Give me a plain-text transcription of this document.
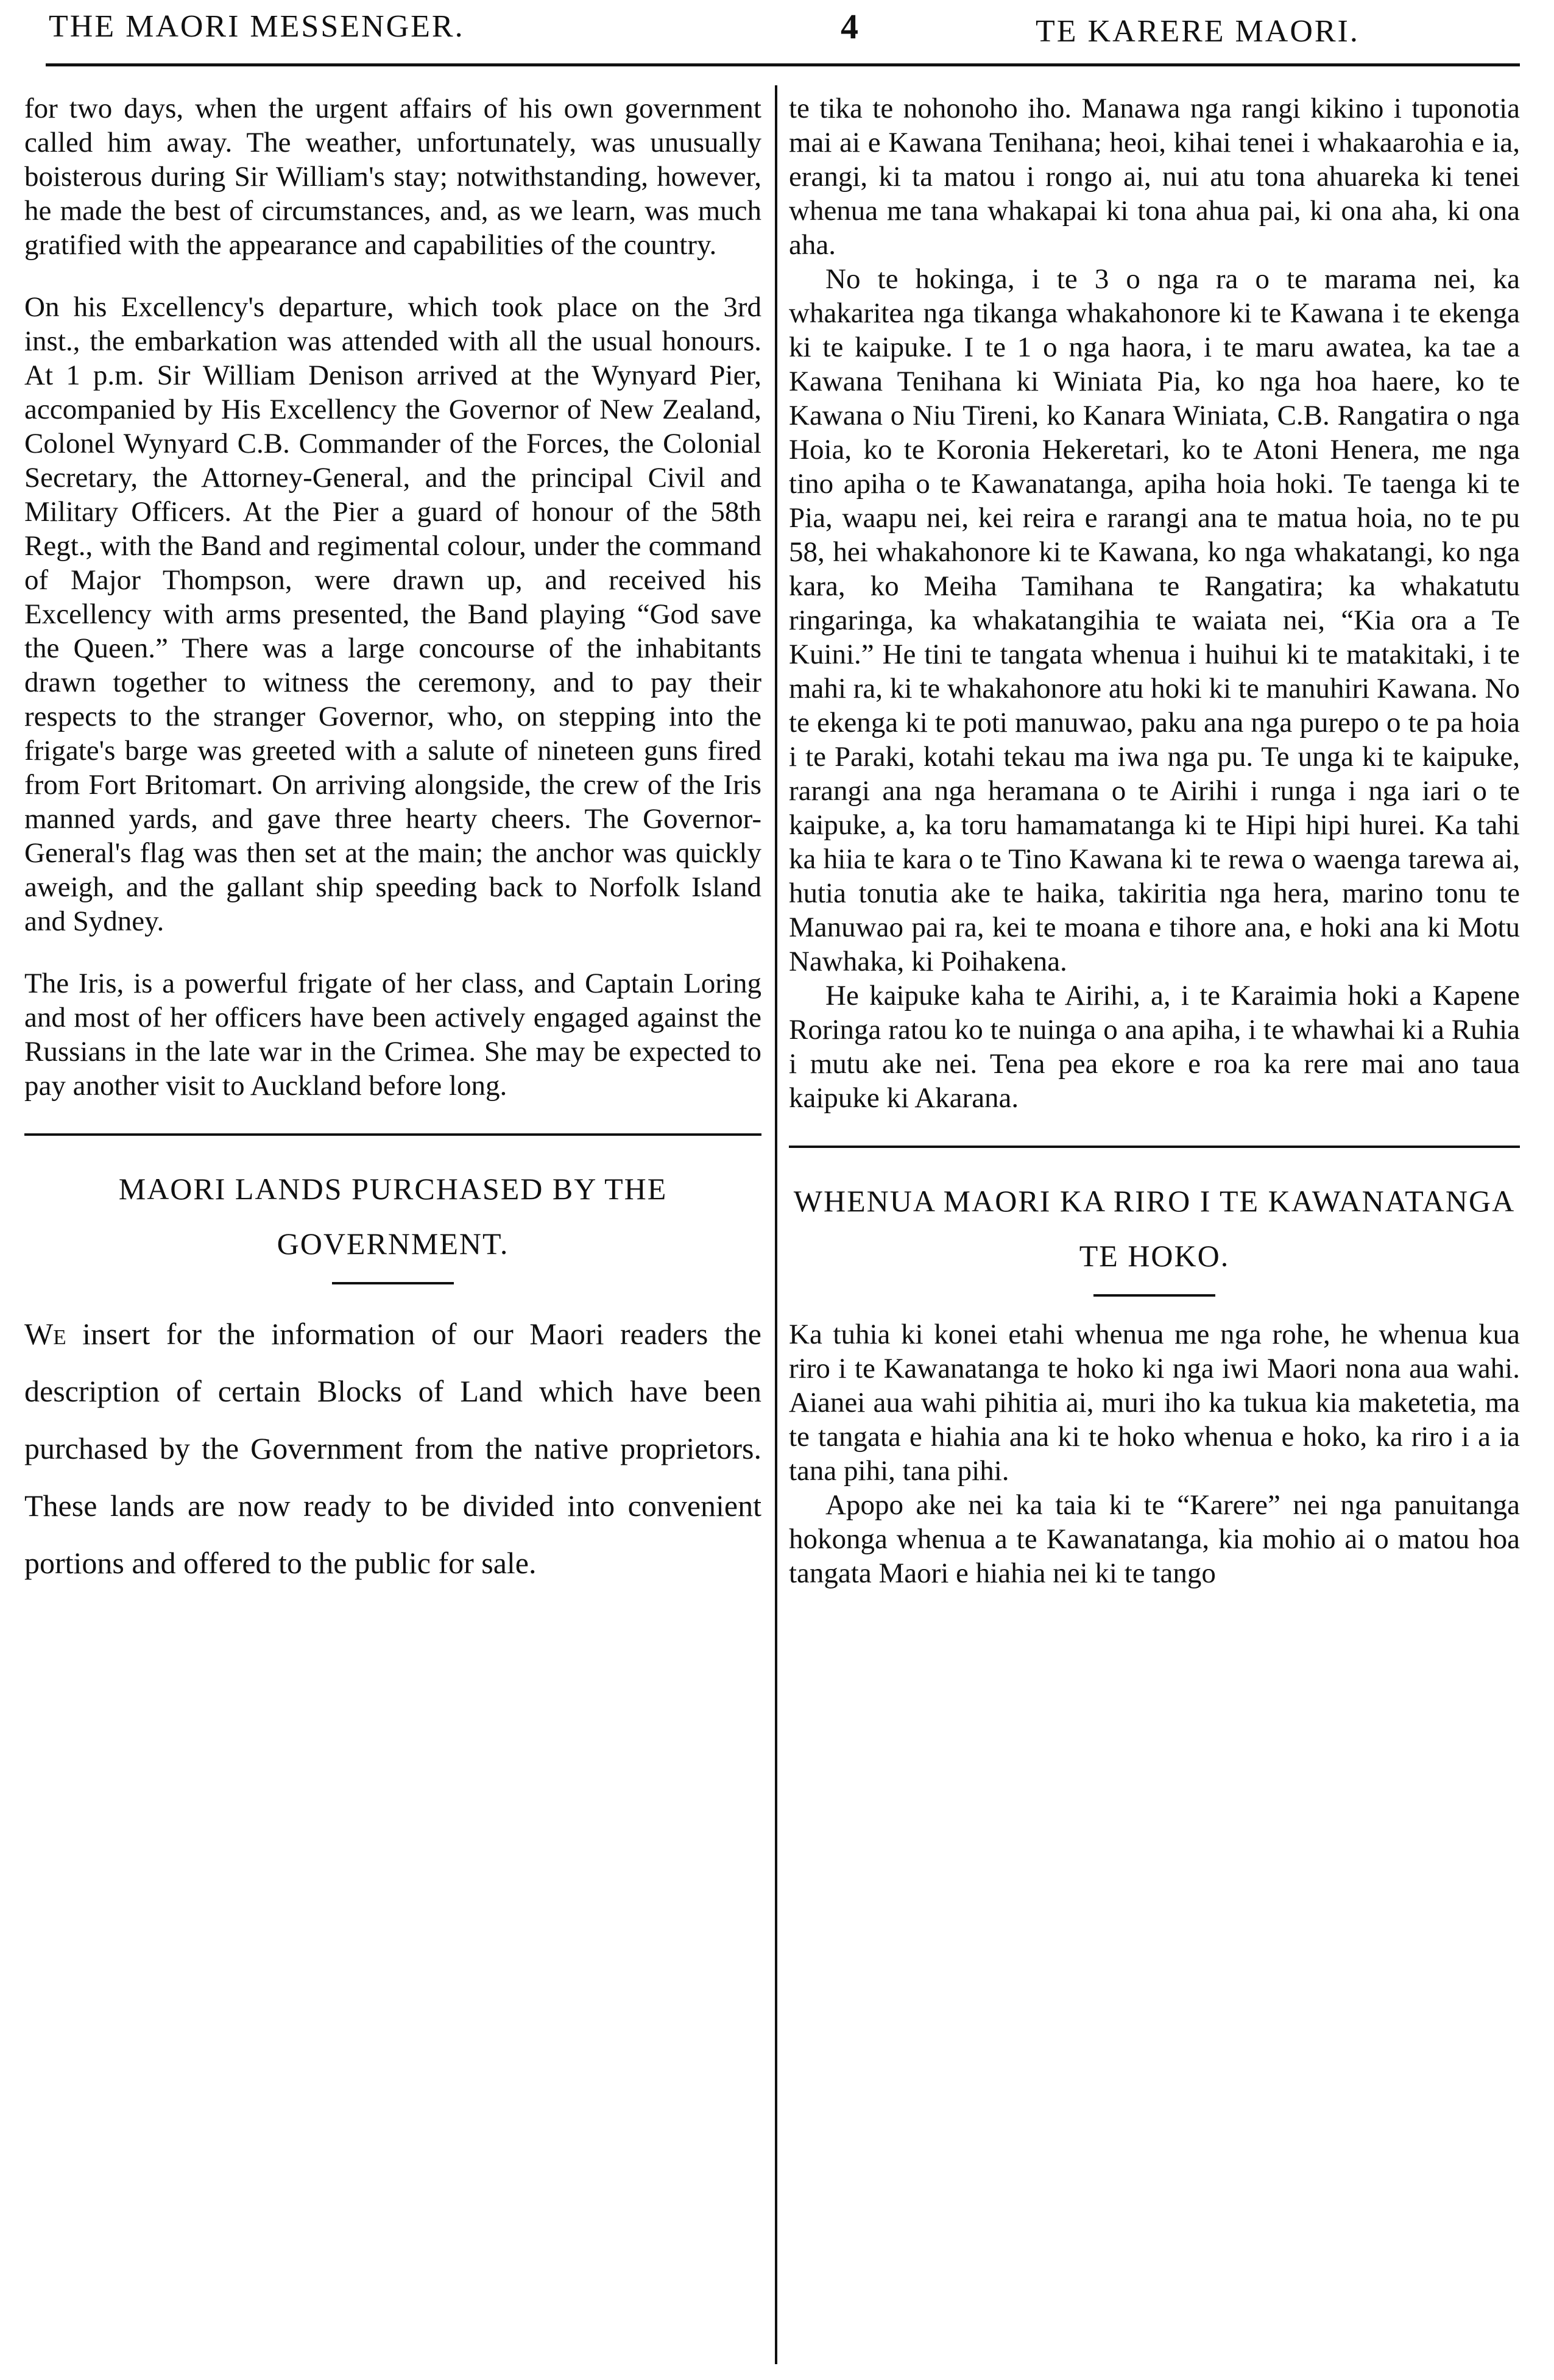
THE MAORI MESSENGER.	4	TE KARERE MAORI.

for two days, when the urgent affairs of his own government called him away. The weather, unfortunately, was unusually boisterous during Sir William's stay; notwithstanding, however, he made the best of circumstances, and, as we learn, was much gratified with the appearance and capabilities of the country.

On his Excellency's departure, which took place on the 3rd inst., the embarkation was attended with all the usual honours. At 1 p.m. Sir William Denison arrived at the Wynyard Pier, accompanied by His Excellency the Governor of New Zealand, Colonel Wynyard C.B. Commander of the Forces, the Colonial Secretary, the Attorney-General, and the principal Civil and Military Officers. At the Pier a guard of honour of the 58th Regt., with the Band and regimental colour, under the command of Major Thompson, were drawn up, and received his Excellency with arms presented, the Band playing “God save the Queen.” There was a large concourse of the inhabitants drawn together to witness the ceremony, and to pay their respects to the stranger Governor, who, on stepping into the frigate's barge was greeted with a salute of nineteen guns fired from Fort Britomart. On arriving alongside, the crew of the Iris manned yards, and gave three hearty cheers. The Governor-General's flag was then set at the main; the anchor was quickly aweigh, and the gallant ship speeding back to Norfolk Island and Sydney.

The Iris, is a powerful frigate of her class, and Captain Loring and most of her officers have been actively engaged against the Russians in the late war in the Crimea. She may be expected to pay another visit to Auckland before long.

MAORI LANDS PURCHASED BY THE GOVERNMENT.

We insert for the information of our Maori readers the description of certain Blocks of Land which have been purchased by the Government from the native proprietors. These lands are now ready to be divided into convenient portions and offered to the public for sale.

te tika te nohonoho iho. Manawa nga rangi kikino i tuponotia mai ai e Kawana Tenihana; heoi, kihai tenei i whakaarohia e ia, erangi, ki ta matou i rongo ai, nui atu tona ahuareka ki tenei whenua me tana whakapai ki tona ahua pai, ki ona aha, ki ona aha.

No te hokinga, i te 3 o nga ra o te marama nei, ka whakaritea nga tikanga whakahonore ki te Kawana i te ekenga ki te kaipuke. I te 1 o nga haora, i te maru awatea, ka tae a Kawana Tenihana ki Winiata Pia, ko nga hoa haere, ko te Kawana o Niu Tireni, ko Kanara Winiata, C.B. Rangatira o nga Hoia, ko te Koronia Hekeretari, ko te Atoni Henera, me nga tino apiha o te Kawanatanga, apiha hoia hoki. Te taenga ki te Pia, waapu nei, kei reira e rarangi ana te matua hoia, no te pu 58, hei whakahonore ki te Kawana, ko nga whakatangi, ko nga kara, ko Meiha Tamihana te Rangatira; ka whakatutu ringaringa, ka whakatangihia te waiata nei, “Kia ora a Te Kuini.” He tini te tangata whenua i huihui ki te matakitaki, i te mahi ra, ki te whakahonore atu hoki ki te manuhiri Kawana. No te ekenga ki te poti manuwao, paku ana nga purepo o te pa hoia i te Paraki, kotahi tekau ma iwa nga pu. Te unga ki te kaipuke, rarangi ana nga heramana o te Airihi i runga i nga iari o te kaipuke, a, ka toru hamamatanga ki te Hipi hipi hurei. Ka tahi ka hiia te kara o te Tino Kawana ki te rewa o waenga tarewa ai, hutia tonutia ake te haika, takiritia nga hera, marino tonu te Manuwao pai ra, kei te moana e tihore ana, e hoki ana ki Motu Nawhaka, ki Poihakena.

He kaipuke kaha te Airihi, a, i te Karaimia hoki a Kapene Roringa ratou ko te nuinga o ana apiha, i te whawhai ki a Ruhia i mutu ake nei. Tena pea ekore e roa ka rere mai ano taua kaipuke ki Akarana.

WHENUA MAORI KA RIRO I TE KAWANATANGA TE HOKO.

Ka tuhia ki konei etahi whenua me nga rohe, he whenua kua riro i te Kawanatanga te hoko ki nga iwi Maori nona aua wahi. Aianei aua wahi pihitia ai, muri iho ka tukua kia maketetia, ma te tangata e hiahia ana ki te hoko whenua e hoko, ka riro i a ia tana pihi, tana pihi.

Apopo ake nei ka taia ki te “Karere” nei nga panuitanga hokonga whenua a te Kawanatanga, kia mohio ai o matou hoa tangata Maori e hiahia nei ki te tango
